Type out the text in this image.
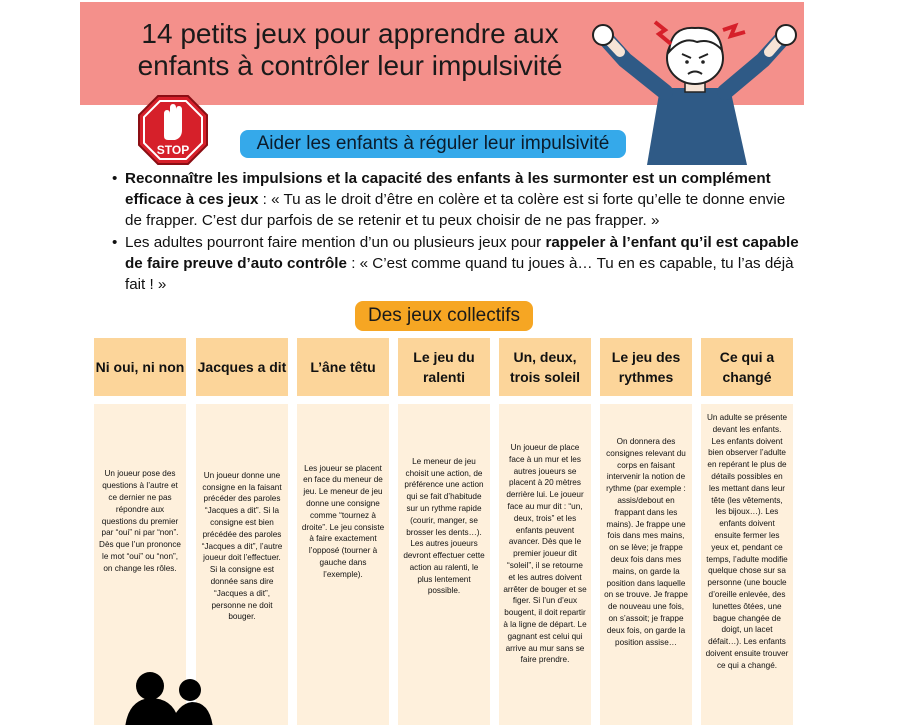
14 petits jeux pour apprendre aux
enfants à contrôler leur impulsivité
STOP	Aider les enfants à réguler leur impulsivité
• Reconnaître les impulsions et la capacité des enfants à les surmonter est un complément efficace à ces jeux : « Tu as le droit d’être en colère et ta colère est si forte qu’elle te donne envie de frapper. C’est dur parfois de se retenir et tu peux choisir de ne pas frapper. »
• Les adultes pourront faire mention d’un ou plusieurs jeux pour rappeler à l’enfant qu’il est capable de faire preuve d’auto contrôle : « C’est comme quand tu joues à… Tu en es capable, tu l’as déjà fait ! »
Des jeux collectifs
Ni oui, ni non Jacques a dit	L’âne têtu
Le jeu du ralenti
Un, deux, trois soleil
Le jeu des rythmes
Ce qui a changé
Un joueur pose des questions à l’autre et ce dernier ne pas répondre aux questions du premier par “oui” ni par “non”. Dès que l’un prononce le mot “oui” ou “non”, on change les rôles.
Un joueur donne une consigne en la faisant précéder des paroles “Jacques a dit”. Si la consigne est bien précédée des paroles “Jacques a dit”, l’autre joueur doit l’effectuer. Si la consigne est donnée sans dire “Jacques a dit”, personne ne doit bouger.
Les joueur se placent en face du meneur de jeu. Le meneur de jeu donne une consigne comme “tournez à droite”. Le jeu consiste à faire exactement l’opposé (tourner à gauche dans l’exemple).
Le meneur de jeu choisit une action, de préférence une action qui se fait d’habitude sur un rythme rapide (courir, manger, se brosser les dents…). Les autres joueurs devront effectuer cette action au ralenti, le plus lentement possible.
Un joueur de place face à un mur et les autres joueurs se placent à 20 mètres derrière lui. Le joueur face au mur dit : “un, deux, trois” et les enfants peuvent avancer. Dès que le premier joueur dit “soleil”, il se retourne et les autres doivent arrêter de bouger et se figer. Si l’un d’eux bougent, il doit repartir à la ligne de départ. Le gagnant est celui qui arrive au mur sans se faire prendre.
On donnera des consignes relevant du corps en faisant intervenir la notion de rythme (par exemple : assis/debout en frappant dans les mains). Je frappe une fois dans mes mains, on se lève; je frappe deux fois dans mes mains, on garde la position dans laquelle on se trouve. Je frappe de nouveau une fois, on s’assoit; je frappe deux fois, on garde la position assise…
Un adulte se présente devant les enfants. Les enfants doivent bien observer l’adulte en repérant le plus de détails possibles en les mettant dans leur tête (les vêtements, les bijoux…). Les enfants doivent ensuite fermer les yeux et, pendant ce temps, l’adulte modifie quelque chose sur sa personne (une boucle d’oreille enlevée, des lunettes ôtées, une bague changée de doigt, un lacet défait…). Les enfants doivent ensuite trouver ce qui a changé.
